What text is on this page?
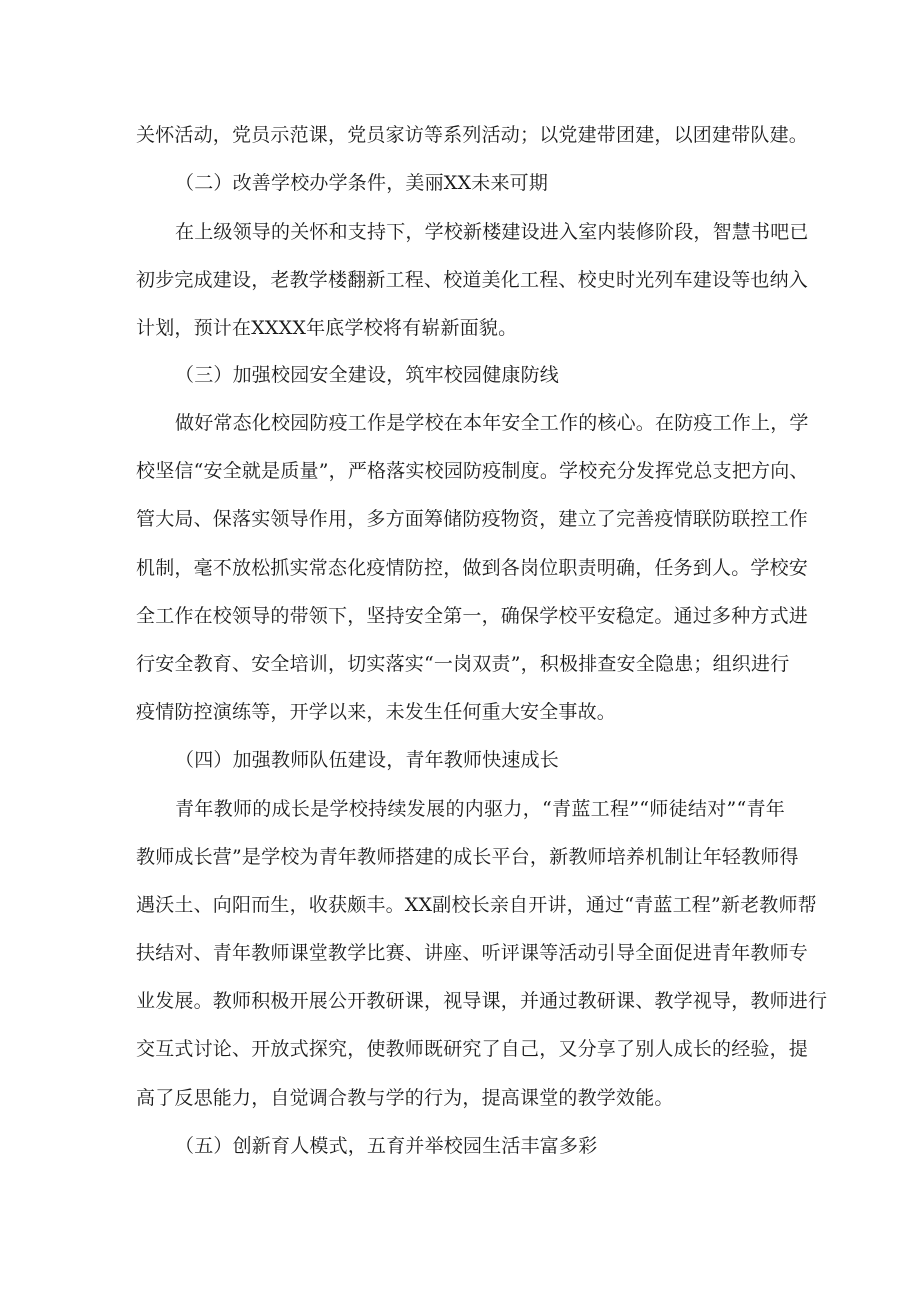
关怀活动，党员示范课，党员家访等系列活动；以党建带团建，以团建带队建。
（二）改善学校办学条件，美丽XX未来可期
在上级领导的关怀和支持下，学校新楼建设进入室内装修阶段，智慧书吧已
初步完成建设，老教学楼翻新工程、校道美化工程、校史时光列车建设等也纳入
计划，预计在XXXX年底学校将有崭新面貌。
（三）加强校园安全建设，筑牢校园健康防线
做好常态化校园防疫工作是学校在本年安全工作的核心。在防疫工作上，学
校坚信“安全就是质量”，严格落实校园防疫制度。学校充分发挥党总支把方向、
管大局、保落实领导作用，多方面筹储防疫物资，建立了完善疫情联防联控工作
机制，毫不放松抓实常态化疫情防控，做到各岗位职责明确，任务到人。学校安
全工作在校领导的带领下，坚持安全第一，确保学校平安稳定。通过多种方式进
行安全教育、安全培训，切实落实“一岗双责”，积极排查安全隐患；组织进行
疫情防控演练等，开学以来，未发生任何重大安全事故。
（四）加强教师队伍建设，青年教师快速成长
青年教师的成长是学校持续发展的内驱力，“青蓝工程”“师徒结对”“青年
教师成长营”是学校为青年教师搭建的成长平台，新教师培养机制让年轻教师得
遇沃土、向阳而生，收获颇丰。XX副校长亲自开讲，通过“青蓝工程”新老教师帮
扶结对、青年教师课堂教学比赛、讲座、听评课等活动引导全面促进青年教师专
业发展。教师积极开展公开教研课，视导课，并通过教研课、教学视导，教师进行
交互式讨论、开放式探究，使教师既研究了自己，又分享了别人成长的经验，提
高了反思能力，自觉调合教与学的行为，提高课堂的教学效能。
（五）创新育人模式，五育并举校园生活丰富多彩
